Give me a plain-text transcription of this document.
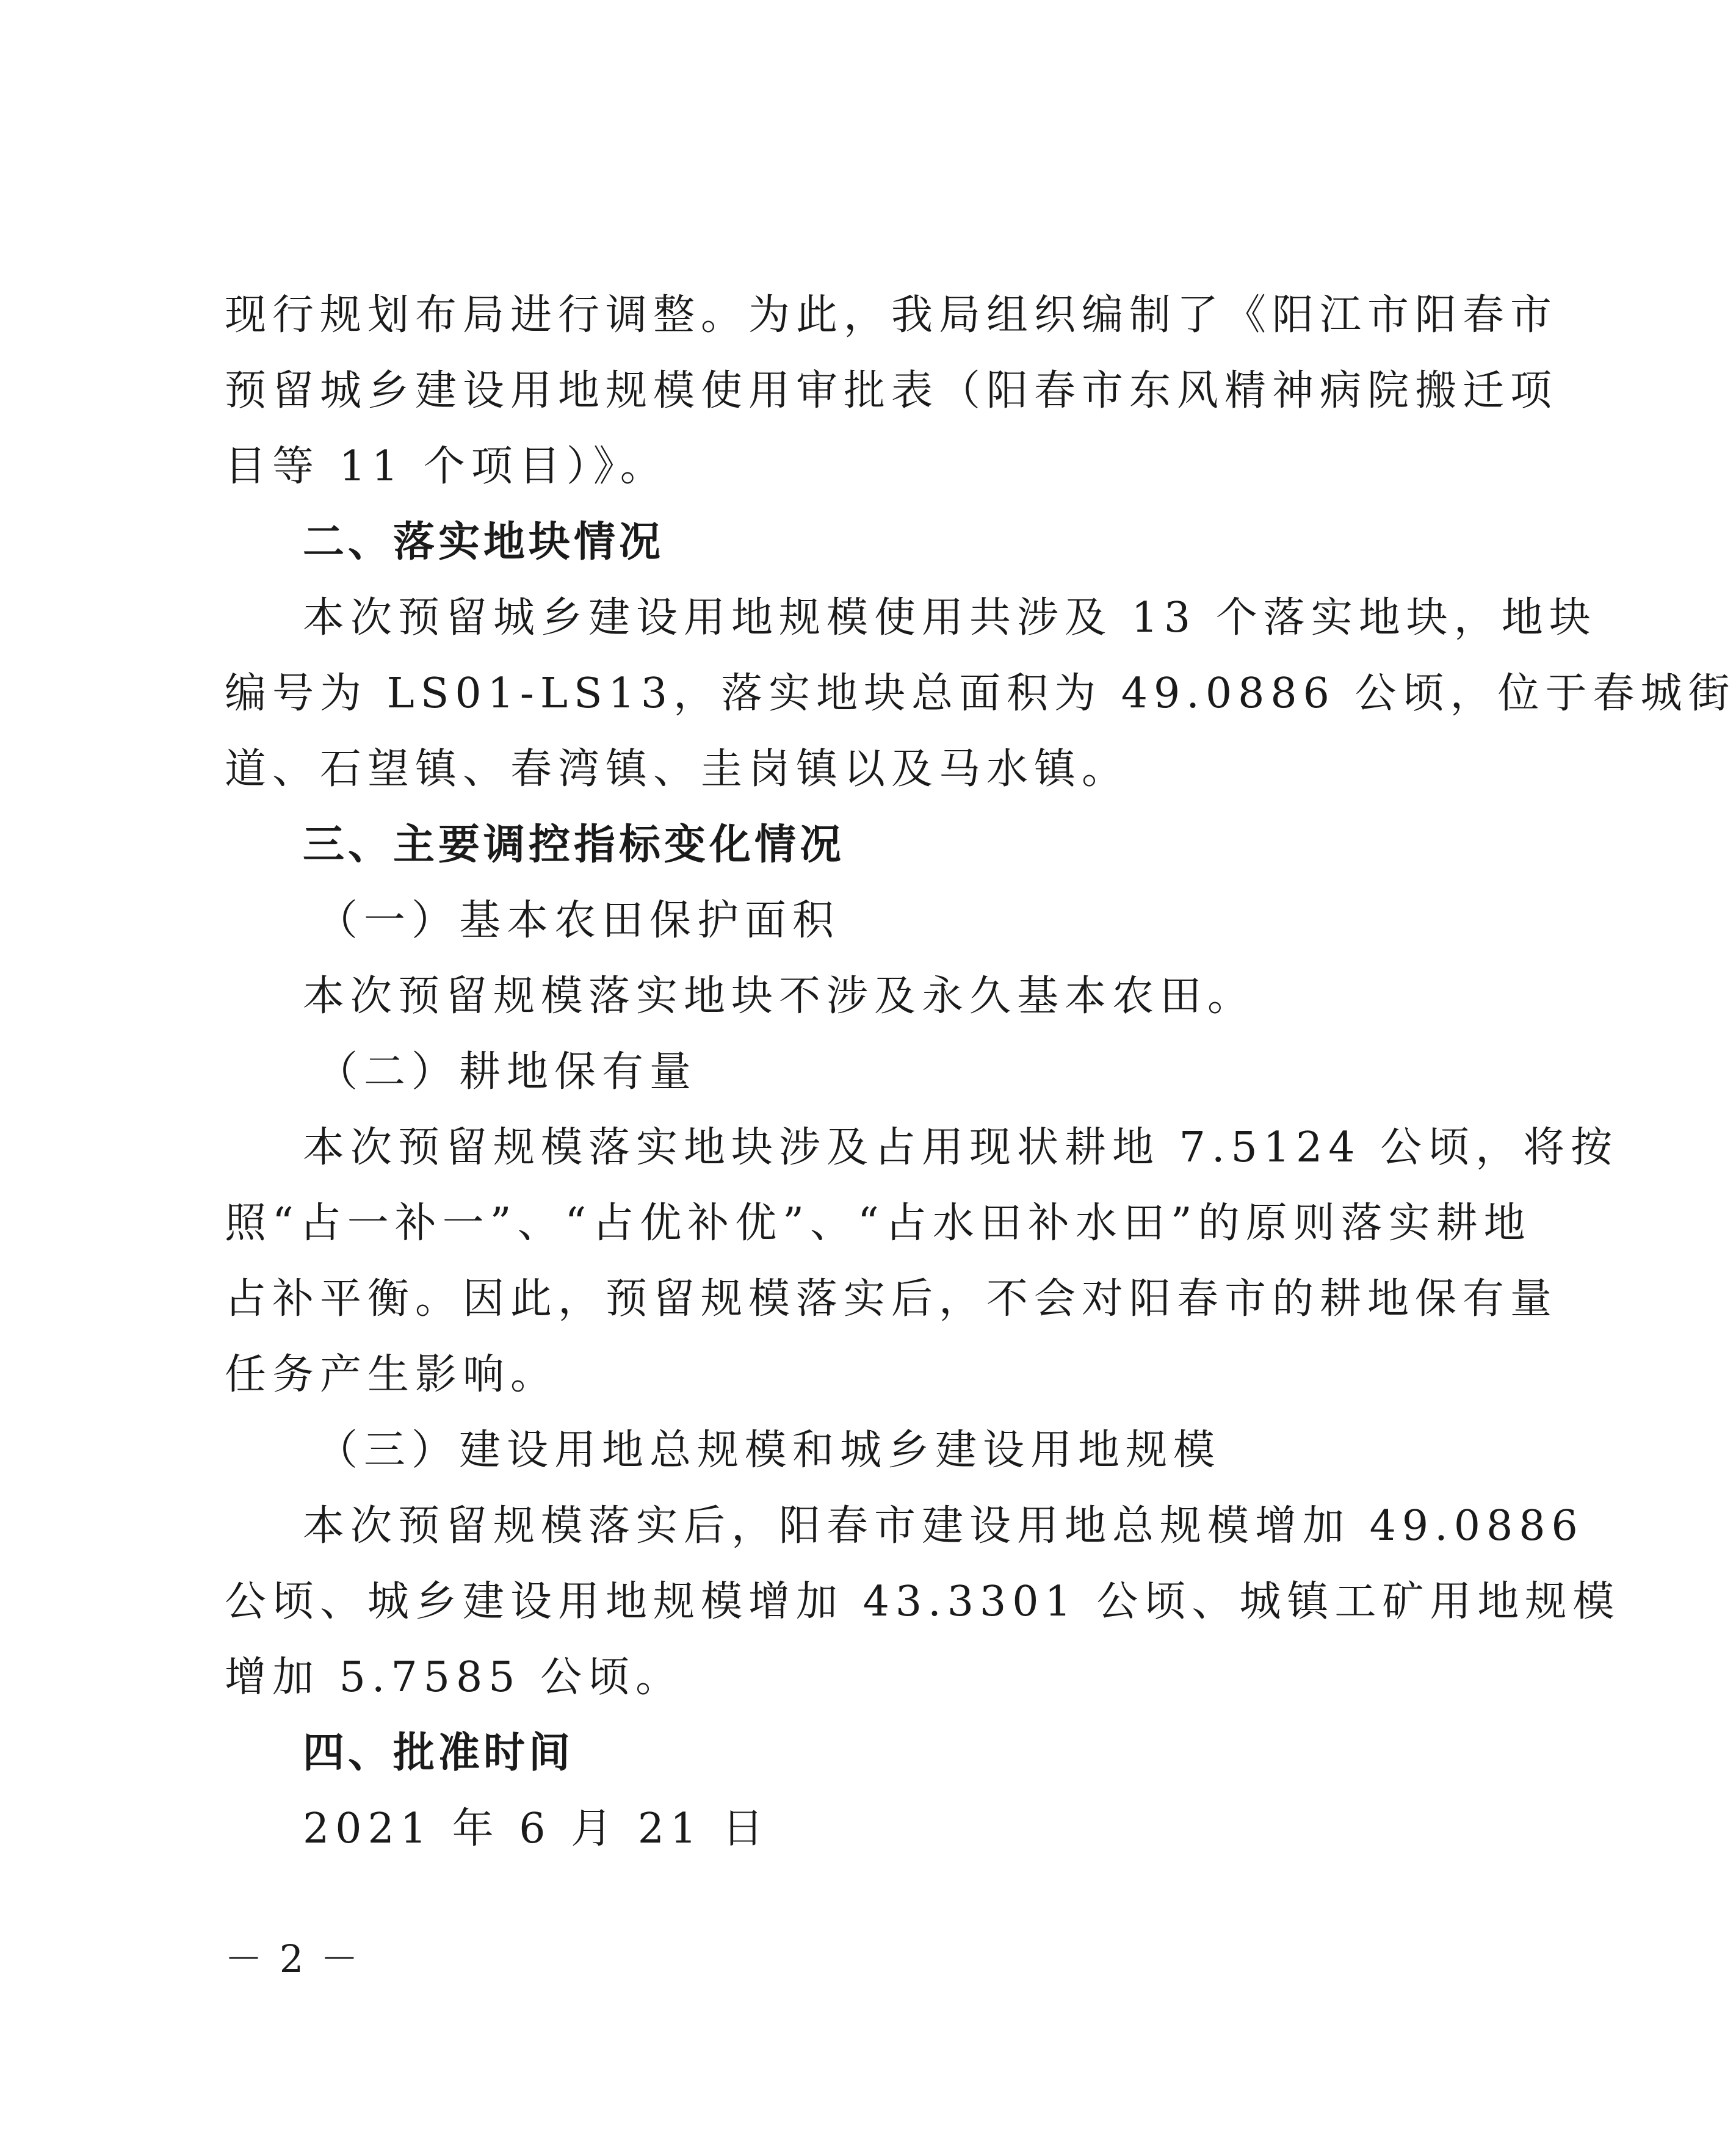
现行规划布局进行调整。为此，我局组织编制了《阳江市阳春市
预留城乡建设用地规模使用审批表（阳春市东风精神病院搬迁项
目等 11 个项目）》。
二、落实地块情况
本次预留城乡建设用地规模使用共涉及 13 个落实地块，地块
编号为 LS01-LS13，落实地块总面积为 49.0886 公顷，位于春城街
道、石望镇、春湾镇、圭岗镇以及马水镇。
三、主要调控指标变化情况
（一）基本农田保护面积
本次预留规模落实地块不涉及永久基本农田。
（二）耕地保有量
本次预留规模落实地块涉及占用现状耕地 7.5124 公顷，将按
照“占一补一”、“占优补优”、“占水田补水田”的原则落实耕地
占补平衡。因此，预留规模落实后，不会对阳春市的耕地保有量
任务产生影响。
（三）建设用地总规模和城乡建设用地规模
本次预留规模落实后，阳春市建设用地总规模增加 49.0886
公顷、城乡建设用地规模增加 43.3301 公顷、城镇工矿用地规模
增加 5.7585 公顷。
四、批准时间
2021 年 6 月 21 日
－ 2 －
